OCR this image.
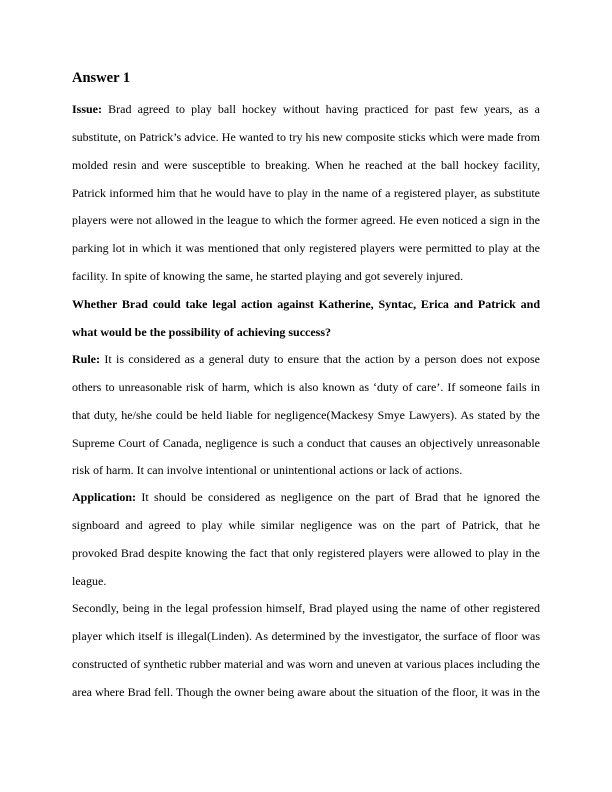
Answer 1
Issue: Brad agreed to play ball hockey without having practiced for past few years, as a
substitute, on Patrick’s advice. He wanted to try his new composite sticks which were made from
molded resin and were susceptible to breaking. When he reached at the ball hockey facility,
Patrick informed him that he would have to play in the name of a registered player, as substitute
players were not allowed in the league to which the former agreed. He even noticed a sign in the
parking lot in which it was mentioned that only registered players were permitted to play at the
facility. In spite of knowing the same, he started playing and got severely injured.
Whether Brad could take legal action against Katherine, Syntac, Erica and Patrick and
what would be the possibility of achieving success?
Rule: It is considered as a general duty to ensure that the action by a person does not expose
others to unreasonable risk of harm, which is also known as ‘duty of care’. If someone fails in
that duty, he/she could be held liable for negligence(Mackesy Smye Lawyers). As stated by the
Supreme Court of Canada, negligence is such a conduct that causes an objectively unreasonable
risk of harm. It can involve intentional or unintentional actions or lack of actions.
Application: It should be considered as negligence on the part of Brad that he ignored the
signboard and agreed to play while similar negligence was on the part of Patrick, that he
provoked Brad despite knowing the fact that only registered players were allowed to play in the
league.
Secondly, being in the legal profession himself, Brad played using the name of other registered
player which itself is illegal(Linden). As determined by the investigator, the surface of floor was
constructed of synthetic rubber material and was worn and uneven at various places including the
area where Brad fell. Though the owner being aware about the situation of the floor, it was in the
